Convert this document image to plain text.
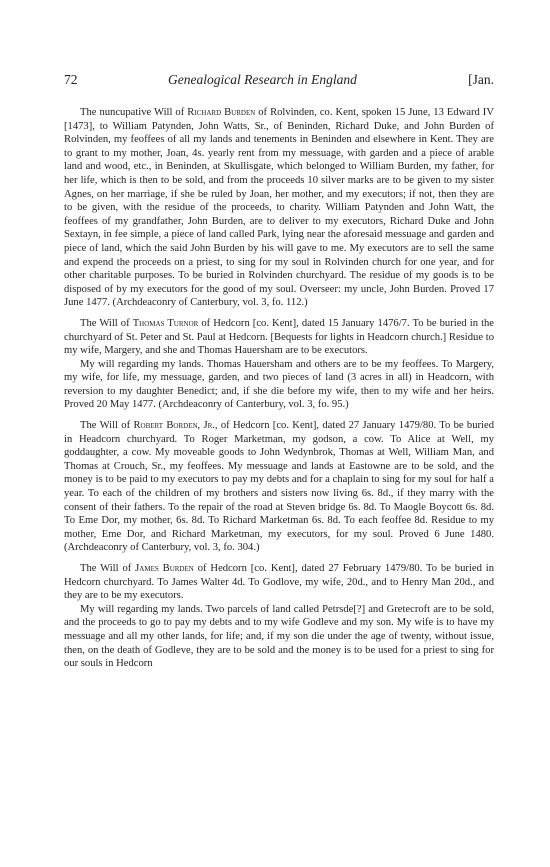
72	Genealogical Research in England	[Jan.

The nuncupative Will of Richard Burden of Rolvinden, co. Kent, spoken 15 June, 13 Edward IV [1473], to William Patynden, John Watts, Sr., of Beninden, Richard Duke, and John Burden of Rolvinden, my feoffees of all my lands and tenements in Beninden and elsewhere in Kent. They are to grant to my mother, Joan, 4s. yearly rent from my messuage, with garden and a piece of arable land and wood, etc., in Beninden, at Skullisgate, which belonged to William Burden, my father, for her life, which is then to be sold, and from the proceeds 10 silver marks are to be given to my sister Agnes, on her marriage, if she be ruled by Joan, her mother, and my executors; if not, then they are to be given, with the residue of the proceeds, to charity. William Patynden and John Watt, the feoffees of my grandfather, John Burden, are to deliver to my executors, Richard Duke and John Sextayn, in fee simple, a piece of land called Park, lying near the aforesaid messuage and garden and piece of land, which the said John Burden by his will gave to me. My executors are to sell the same and expend the proceeds on a priest, to sing for my soul in Rolvinden church for one year, and for other charitable purposes. To be buried in Rolvinden churchyard. The residue of my goods is to be disposed of by my executors for the good of my soul. Overseer: my uncle, John Burden. Proved 17 June 1477. (Archdeaconry of Canterbury, vol. 3, fo. 112.)

The Will of Thomas Turnor of Hedcorn [co. Kent], dated 15 January 1476/7. To be buried in the churchyard of St. Peter and St. Paul at Hedcorn. [Bequests for lights in Headcorn church.] Residue to my wife, Margery, and she and Thomas Hauersham are to be executors.

My will regarding my lands. Thomas Hauersham and others are to be my feoffees. To Margery, my wife, for life, my messuage, garden, and two pieces of land (3 acres in all) in Headcorn, with reversion to my daughter Benedict; and, if she die before my wife, then to my wife and her heirs. Proved 20 May 1477. (Archdeaconry of Canterbury, vol. 3, fo. 95.)

The Will of Robert Borden, Jr., of Hedcorn [co. Kent], dated 27 January 1479/80. To be buried in Headcorn churchyard. To Roger Marketman, my godson, a cow. To Alice at Well, my goddaughter, a cow. My moveable goods to John Wedynbrok, Thomas at Well, William Man, and Thomas at Crouch, Sr., my feoffees. My messuage and lands at Eastowne are to be sold, and the money is to be paid to my executors to pay my debts and for a chaplain to sing for my soul for half a year. To each of the children of my brothers and sisters now living 6s. 8d., if they marry with the consent of their fathers. To the repair of the road at Steven bridge 6s. 8d. To Maogle Boycott 6s. 8d. To Eme Dor, my mother, 6s. 8d. To Richard Marketman 6s. 8d. To each feoffee 8d. Residue to my mother, Eme Dor, and Richard Marketman, my executors, for my soul. Proved 6 June 1480. (Archdeaconry of Canterbury, vol. 3, fo. 304.)

The Will of James Burden of Hedcorn [co. Kent], dated 27 February 1479/80. To be buried in Hedcorn churchyard. To James Walter 4d. To Godlove, my wife, 20d., and to Henry Man 20d., and they are to be my executors.

My will regarding my lands. Two parcels of land called Petrsde[?] and Gretecroft are to be sold, and the proceeds to go to pay my debts and to my wife Godleve and my son. My wife is to have my messuage and all my other lands, for life; and, if my son die under the age of twenty, without issue, then, on the death of Godleve, they are to be sold and the money is to be used for a priest to sing for our souls in Hedcorn
